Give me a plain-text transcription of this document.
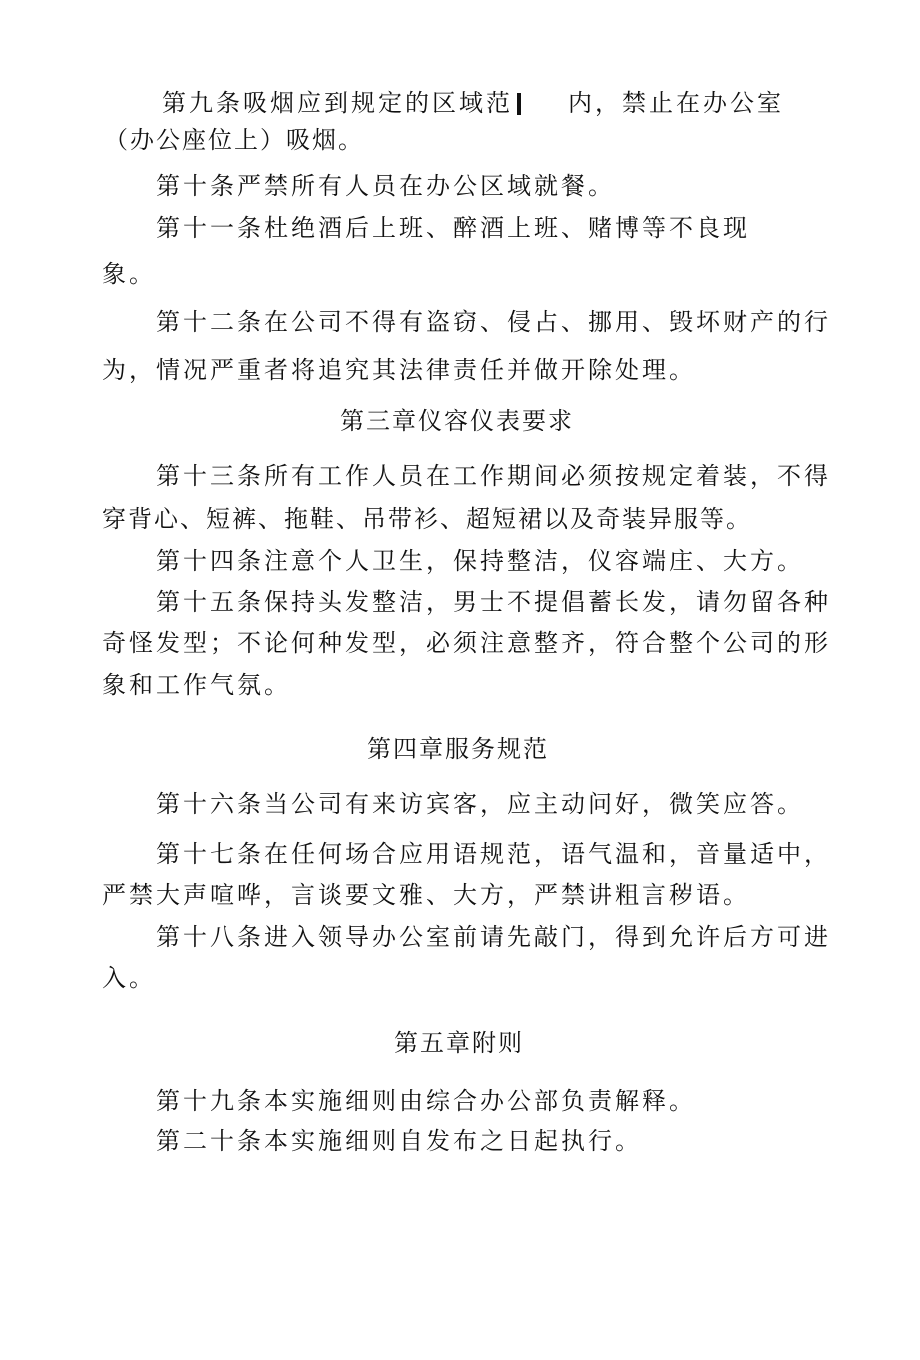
第九条吸烟应到规定的区域范 内，禁止在办公室
（办公座位上）吸烟。
第十条严禁所有人员在办公区域就餐。
第十一条杜绝酒后上班、醉酒上班、赌博等不良现
象。
第十二条在公司不得有盗窃、侵占、挪用、毁坏财产的行
为，情况严重者将追究其法律责任并做开除处理。
第三章仪容仪表要求
第十三条所有工作人员在工作期间必须按规定着装，不得
穿背心、短裤、拖鞋、吊带衫、超短裙以及奇装异服等。
第十四条注意个人卫生，保持整洁，仪容端庄、大方。
第十五条保持头发整洁，男士不提倡蓄长发，请勿留各种
奇怪发型；不论何种发型，必须注意整齐，符合整个公司的形
象和工作气氛。
第四章服务规范
第十六条当公司有来访宾客，应主动问好，微笑应答。
第十七条在任何场合应用语规范，语气温和，音量适中，
严禁大声喧哗，言谈要文雅、大方，严禁讲粗言秽语。
第十八条进入领导办公室前请先敲门，得到允许后方可进
入。
第五章附则
第十九条本实施细则由综合办公部负责解释。
第二十条本实施细则自发布之日起执行。
